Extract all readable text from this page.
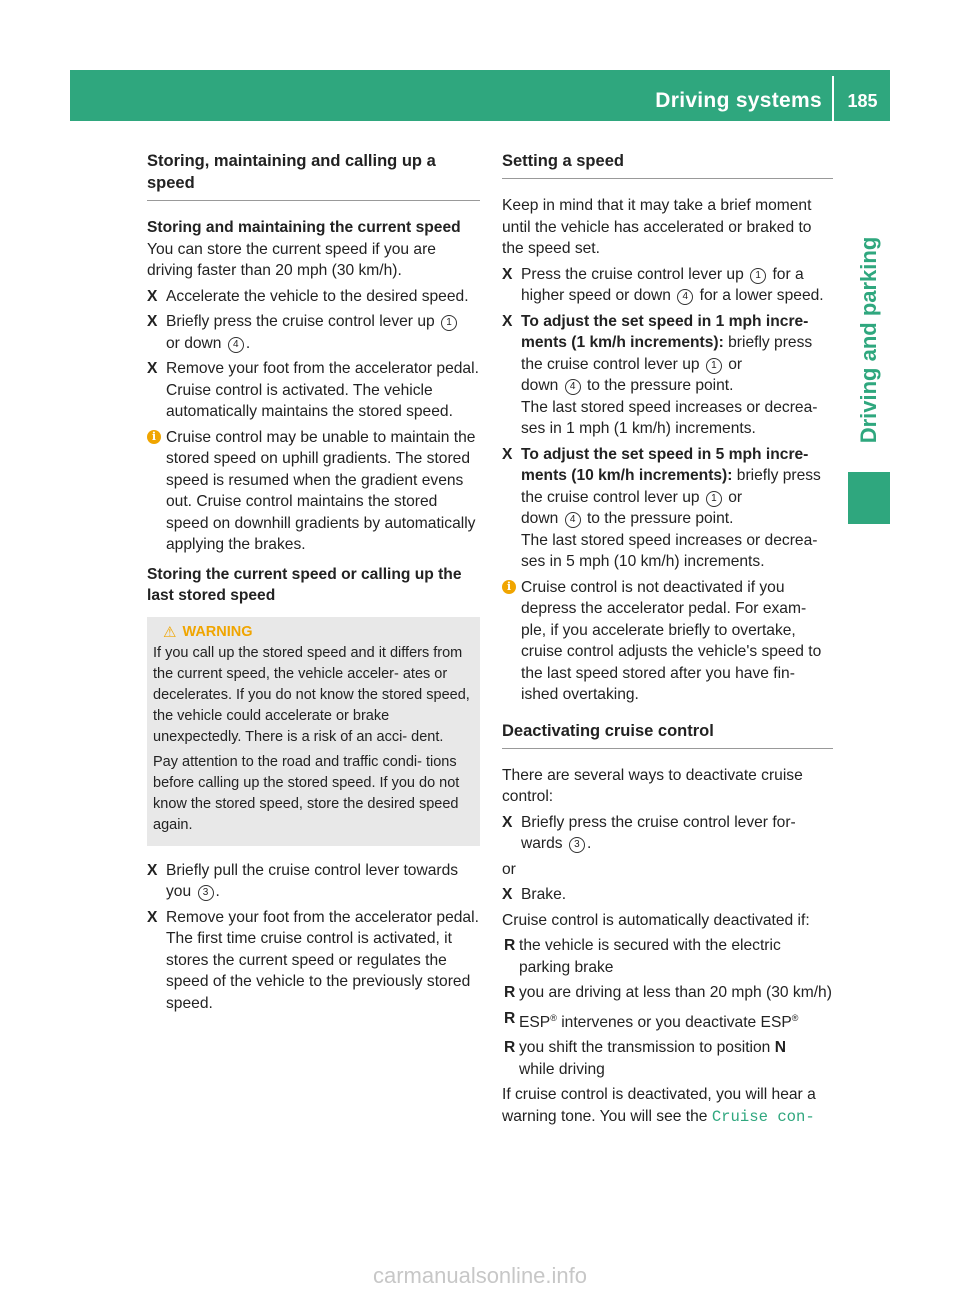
Driving systems	185
Driving and parking

Storing, maintaining and calling up a speed

Storing and maintaining the current speed

You can store the current speed if you are driving faster than 20 mph (30 km/h).

X Accelerate the vehicle to the desired speed.

X Briefly press the cruise control lever up 1
or down 4 .

X Remove your foot from the accelerator pedal.
Cruise control is activated. The vehicle automatically maintains the stored speed.

i Cruise control may be unable to maintain the stored speed on uphill gradients. The stored speed is resumed when the gradient evens out. Cruise control maintains the stored speed on downhill gradients by automatically applying the brakes.

Storing the current speed or calling up the last stored speed

⚠ WARNING

If you call up the stored speed and it differs from the current speed, the vehicle acceler- ates or decelerates. If you do not know the stored speed, the vehicle could accelerate or brake unexpectedly. There is a risk of an acci- dent.

Pay attention to the road and traffic condi- tions before calling up the stored speed. If you do not know the stored speed, store the desired speed again.

X Briefly pull the cruise control lever towards you 3 .

X Remove your foot from the accelerator pedal.
The first time cruise control is activated, it stores the current speed or regulates the speed of the vehicle to the previously stored speed.

Setting a speed

Keep in mind that it may take a brief moment until the vehicle has accelerated or braked to the speed set.

X Press the cruise control lever up 1 for a higher speed or down 4 for a lower speed.

X To adjust the set speed in 1 mph incre- ments (1 km/h increments): briefly press the cruise control lever up 1 or
down 4 to the pressure point.
The last stored speed increases or decrea- ses in 1 mph (1 km/h) increments.

X To adjust the set speed in 5 mph incre- ments (10 km/h increments): briefly press the cruise control lever up 1 or
down 4 to the pressure point.
The last stored speed increases or decrea- ses in 5 mph (10 km/h) increments.

i Cruise control is not deactivated if you depress the accelerator pedal. For exam- ple, if you accelerate briefly to overtake, cruise control adjusts the vehicle's speed to the last speed stored after you have fin- ished overtaking.

Deactivating cruise control

There are several ways to deactivate cruise control:

X Briefly press the cruise control lever for- wards 3 .

or

X Brake.

Cruise control is automatically deactivated if:

R the vehicle is secured with the electric parking brake

R you are driving at less than 20 mph (30 km/h)

R ESP® intervenes or you deactivate ESP®

R you shift the transmission to position N
while driving

If cruise control is deactivated, you will hear a warning tone. You will see the Cruise con‑

carmanualsonline.info
